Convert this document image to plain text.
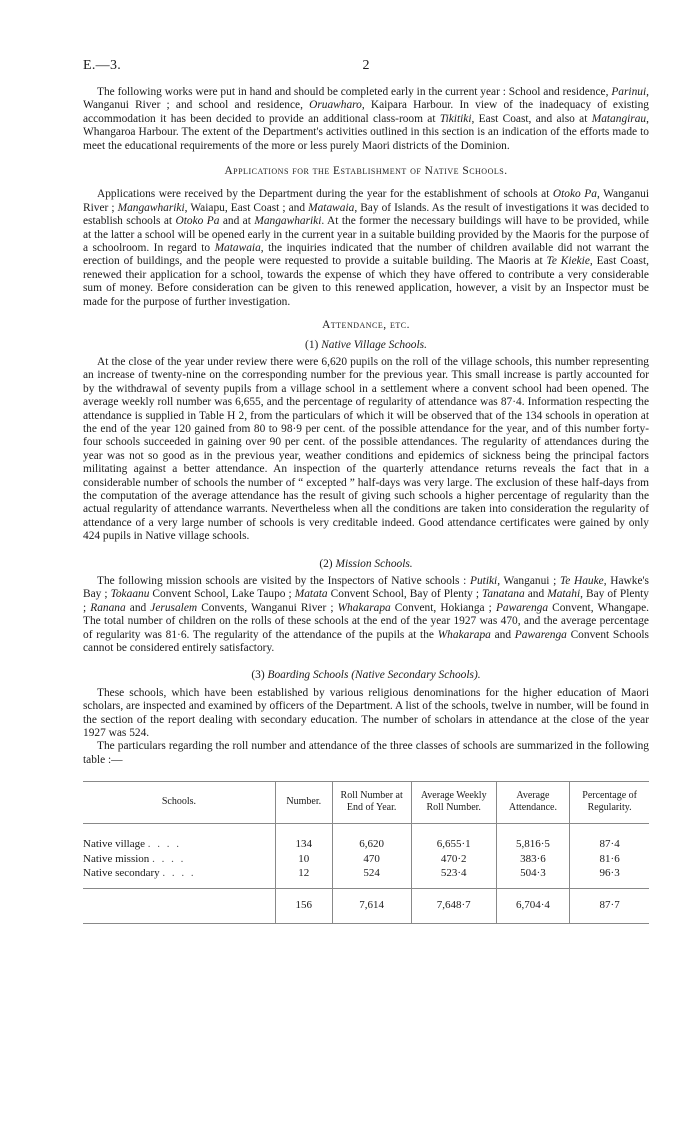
E.—3.	2

The following works were put in hand and should be completed early in the current year : School and residence, Parinui, Wanganui River ; and school and residence, Oruawharo, Kaipara Harbour. In view of the inadequacy of existing accommodation it has been decided to provide an additional class-room at Tikitiki, East Coast, and also at Matangirau, Whangaroa Harbour. The extent of the Department's activities outlined in this section is an indication of the efforts made to meet the educational requirements of the more or less purely Maori districts of the Dominion.

Applications for the Establishment of Native Schools.

Applications were received by the Department during the year for the establishment of schools at Otoko Pa, Wanganui River ; Mangawhariki, Waiapu, East Coast ; and Matawaia, Bay of Islands. As the result of investigations it was decided to establish schools at Otoko Pa and at Mangawhariki. At the former the necessary buildings will have to be provided, while at the latter a school will be opened early in the current year in a suitable building provided by the Maoris for the purpose of a schoolroom. In regard to Matawaia, the inquiries indicated that the number of children available did not warrant the erection of buildings, and the people were requested to provide a suitable building. The Maoris at Te Kiekie, East Coast, renewed their application for a school, towards the expense of which they have offered to contribute a very considerable sum of money. Before consideration can be given to this renewed application, however, a visit by an Inspector must be made for the purpose of further investigation.

Attendance, etc.
(1) Native Village Schools.

At the close of the year under review there were 6,620 pupils on the roll of the village schools, this number representing an increase of twenty-nine on the corresponding number for the previous year. This small increase is partly accounted for by the withdrawal of seventy pupils from a village school in a settlement where a convent school had been opened. The average weekly roll number was 6,655, and the percentage of regularity of attendance was 87·4. Information respecting the attendance is supplied in Table H 2, from the particulars of which it will be observed that of the 134 schools in operation at the end of the year 120 gained from 80 to 98·9 per cent. of the possible attendance for the year, and of this number forty-four schools succeeded in gaining over 90 per cent. of the possible attendances. The regularity of attendances during the year was not so good as in the previous year, weather conditions and epidemics of sickness being the principal factors militating against a better attendance. An inspection of the quarterly attendance returns reveals the fact that in a considerable number of schools the number of “ excepted ” half-days was very large. The exclusion of these half-days from the computation of the average attendance has the result of giving such schools a higher percentage of regularity than the actual regularity of attendance warrants. Nevertheless when all the conditions are taken into consideration the regularity of attendance of a very large number of schools is very creditable indeed. Good attendance certificates were gained by only 424 pupils in Native village schools.

(2) Mission Schools.

The following mission schools are visited by the Inspectors of Native schools : Putiki, Wanganui ; Te Hauke, Hawke's Bay ; Tokaanu Convent School, Lake Taupo ; Matata Convent School, Bay of Plenty ; Tanatana and Matahi, Bay of Plenty ; Ranana and Jerusalem Convents, Wanganui River ; Whakarapa Convent, Hokianga ; Pawarenga Convent, Whangape. The total number of children on the rolls of these schools at the end of the year 1927 was 470, and the average percentage of regularity was 81·6. The regularity of the attendance of the pupils at the Whakarapa and Pawarenga Convent Schools cannot be considered entirely satisfactory.

(3) Boarding Schools (Native Secondary Schools).

These schools, which have been established by various religious denominations for the higher education of Maori scholars, are inspected and examined by officers of the Department. A list of the schools, twelve in number, will be found in the section of the report dealing with secondary education. The number of scholars in attendance at the close of the year 1927 was 524.

The particulars regarding the roll number and attendance of the three classes of schools are summarized in the following table :—

Schools.	Number.	Roll Number at End of Year.	Average Weekly Roll Number.	Average Attendance.	Percentage of Regularity.
Native village . . . .	134	6,620	6,655·1	5,816·5	87·4
Native mission . . . .	10	470	470·2	383·6	81·6
Native secondary . . . .	12	524	523·4	504·3	96·3
	156	7,614	7,648·7	6,704·4	87·7
